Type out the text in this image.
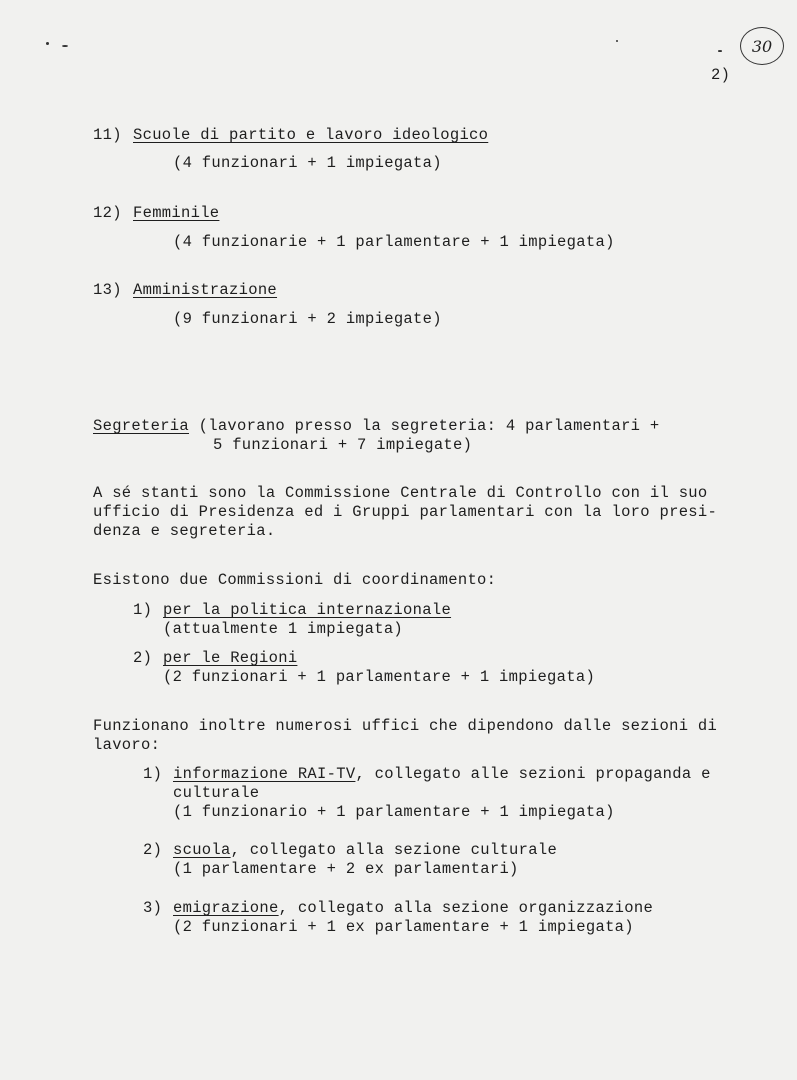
30
2)
11) Scuole di partito e lavoro ideologico
(4 funzionari + 1 impiegata)
12) Femminile
(4 funzionarie + 1 parlamentare + 1 impiegata)
13) Amministrazione
(9 funzionari + 2 impiegate)
Segreteria (lavorano presso la segreteria: 4 parlamentari +
5 funzionari + 7 impiegate)
A sé stanti sono la Commissione Centrale di Controllo con il suo
ufficio di Presidenza ed i Gruppi parlamentari con la loro presi-
denza e segreteria.
Esistono due Commissioni di coordinamento:
1) per la politica internazionale
(attualmente 1 impiegata)
2) per le Regioni
(2 funzionari + 1 parlamentare + 1 impiegata)
Funzionano inoltre numerosi uffici che dipendono dalle sezioni di
lavoro:
1) informazione RAI-TV, collegato alle sezioni propaganda e
culturale
(1 funzionario + 1 parlamentare + 1 impiegata)
2) scuola, collegato alla sezione culturale
(1 parlamentare + 2 ex parlamentari)
3) emigrazione, collegato alla sezione organizzazione
(2 funzionari + 1 ex parlamentare + 1 impiegata)
